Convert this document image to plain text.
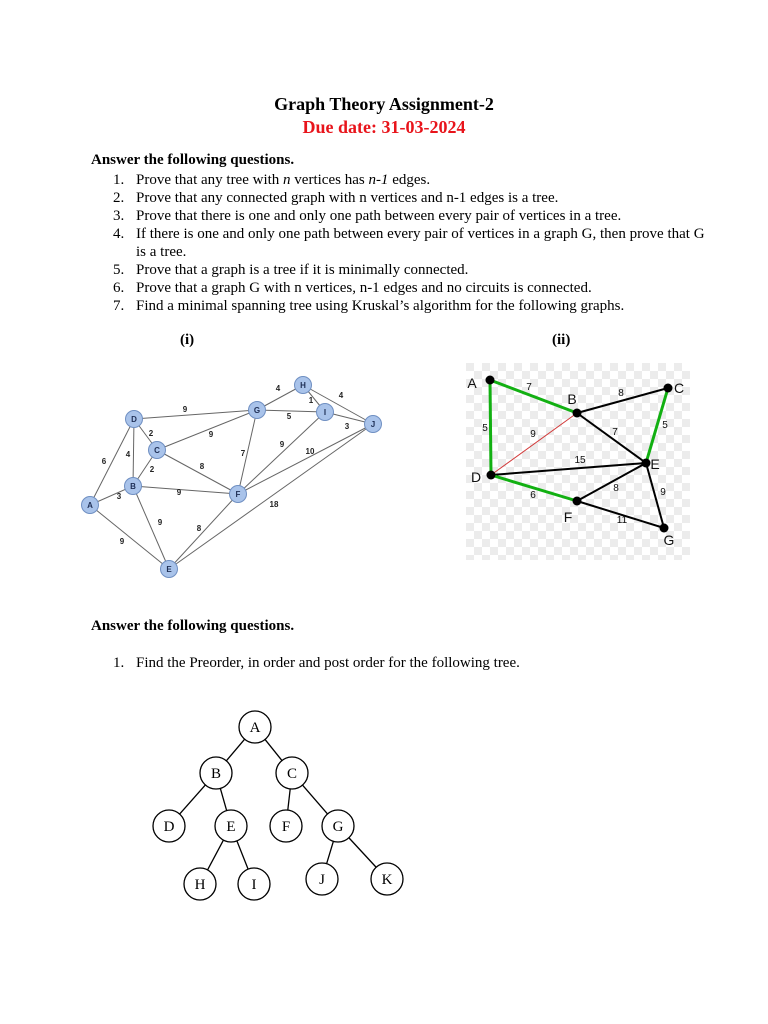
Graph Theory Assignment-2
Due date: 31-03-2024
Answer the following questions.
1. Prove that any tree with n vertices has n-1 edges.
2. Prove that any connected graph with n vertices and n-1 edges is a tree.
3. Prove that there is one and only one path between every pair of vertices in a tree.
4. If there is one and only one path between every pair of vertices in a graph G, then prove that G is a tree.
5. Prove that a graph is a tree if it is minimally connected.
6. Prove that a graph G with n vertices, n-1 edges and no circuits is connected.
7. Find a minimal spanning tree using Kruskal’s algorithm for the following graphs.
(i)	(ii)
6
3
9
4
2
9
2
9
8
9
9
7
4
5
1
4
3
9
10
18
8
A
B
C
D
E
F
G
H
I
J
7
5
8
9	7
5
15
6
8	9
11
A
B
C
D
E
F
G
Answer the following questions.
1. Find the Preorder, in order and post order for the following tree.
A
B	C
D	E	F	G
H	I	J	K
